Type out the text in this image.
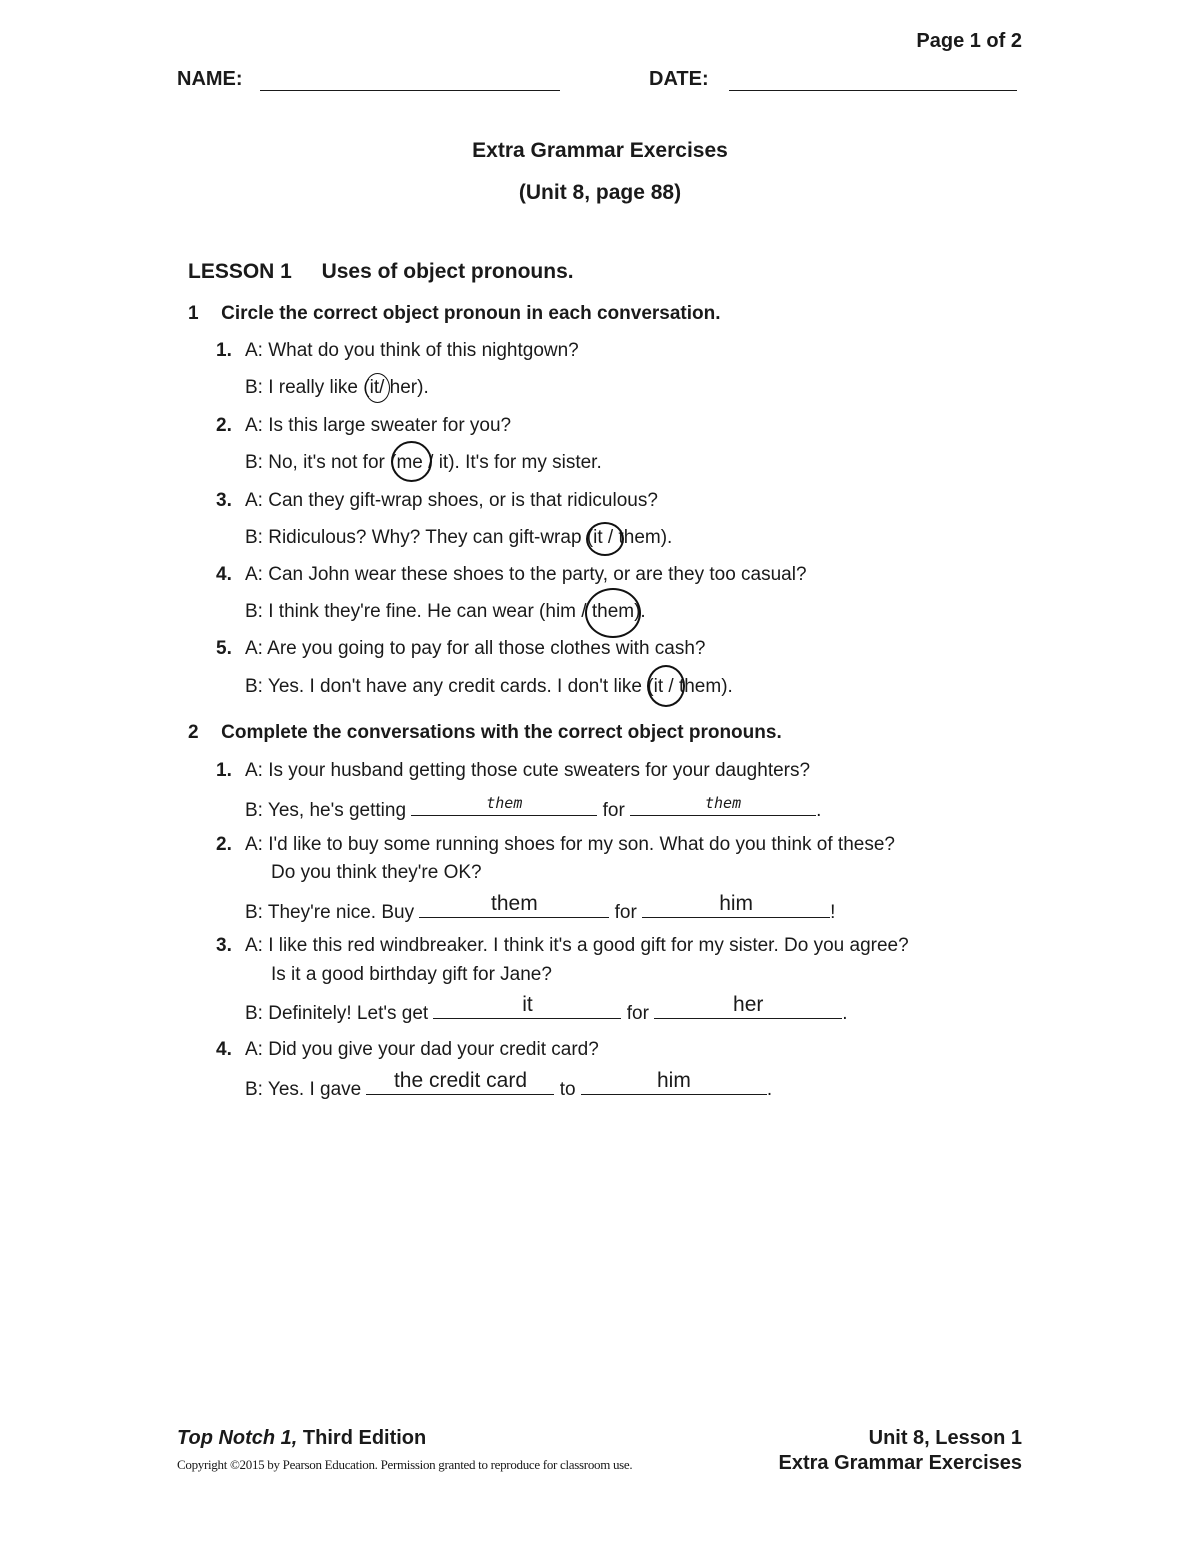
Page 1 of 2
NAME:	DATE:
Extra Grammar Exercises
(Unit 8, page 88)
LESSON 1 Uses of object pronouns.
1 Circle the correct object pronoun in each conversation.
1. A: What do you think of this nightgown?
B: I really like (it
/ her).
2. A: Is this large sweater for you?
B: No, it's not for (me
/ it). It's for my sister.
3. A: Can they gift-wrap shoes, or is that ridiculous?
B: Ridiculous? Why? They can gift-wrap (it
/ them).
4. A: Can John wear these shoes to the party, or are they too casual?
B: I think they're fine. He can wear (him / them
).
5. A: Are you going to pay for all those clothes with cash?
B: Yes. I don't have any credit cards. I don't like (it
/ them).
2 Complete the conversations with the correct object pronouns.
1. A: Is your husband getting those cute sweaters for your daughters?
B: Yes, he's getting	them	for	them	.
2. A: I'd like to buy some running shoes for my son. What do you think of these?
Do you think they're OK?
B: They're nice. Buy	them	for	him	!
3. A: I like this red windbreaker. I think it's a good gift for my sister. Do you agree?
Is it a good birthday gift for Jane?
B: Definitely! Let's get	it	for	her	.
4. A: Did you give your dad your credit card?
B: Yes. I gave	the credit card	to	him	.
Top Notch 1, Third Edition
Copyright ©2015 by Pearson Education. Permission granted to reproduce for classroom use.
Unit 8, Lesson 1
Extra Grammar Exercises
